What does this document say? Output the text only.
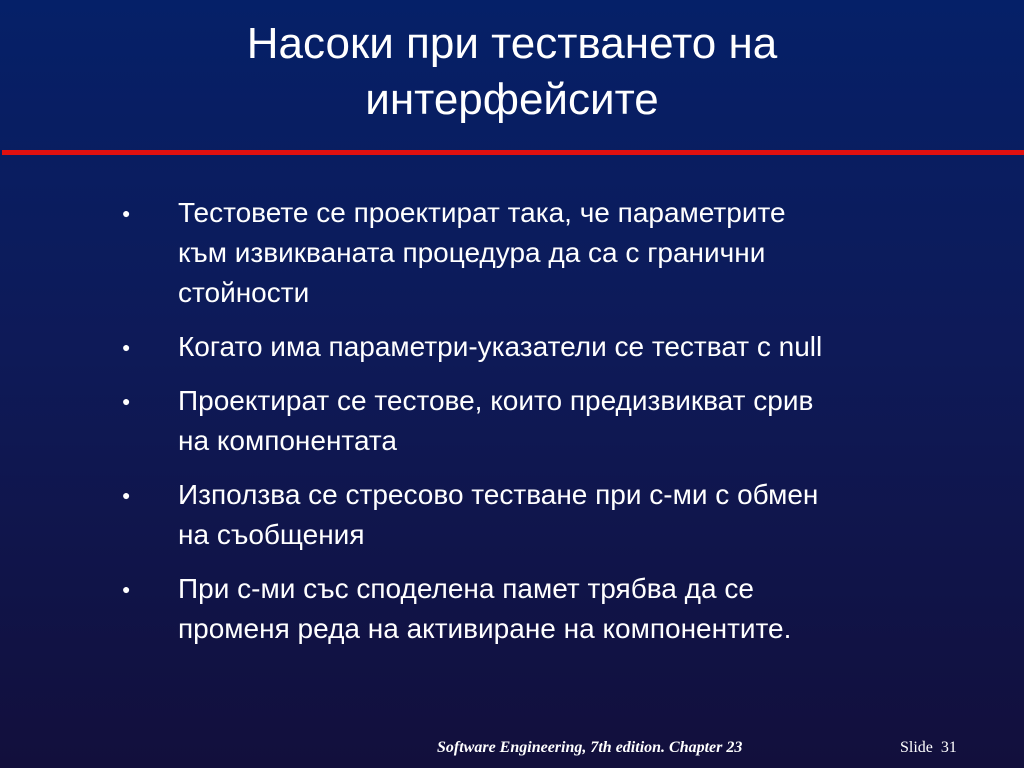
Насоки при тестването на
интерфейсите
● Тестовете се проектират така, че параметрите
към извикваната процедура да са с гранични
стойности
● Когато има параметри-указатели се тестват с null
● Проектират се тестове, които предизвикват срив
на компонентата
● Използва се стресово тестване при с-ми с обмен
на съобщения
● При с-ми със споделена памет трябва да се
променя реда на активиране на компонентите.
Software Engineering, 7th edition. Chapter 23	Slide 31
